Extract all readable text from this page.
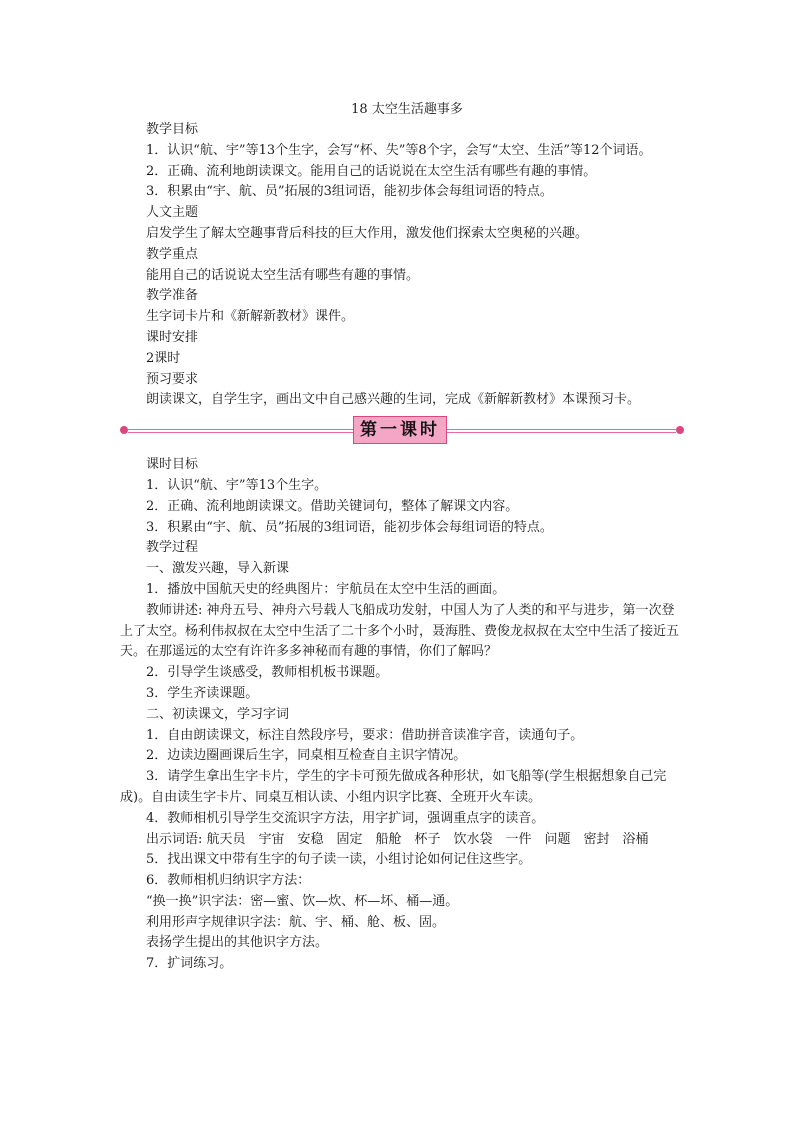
18 太空生活趣事多

教学目标

1．认识“航、宇”等13个生字，会写“杯、失”等8个字，会写“太空、生活”等12个词语。

2．正确、流利地朗读课文。能用自己的话说说在太空生活有哪些有趣的事情。

3．积累由“宇、航、员”拓展的3组词语，能初步体会每组词语的特点。

人文主题

启发学生了解太空趣事背后科技的巨大作用，激发他们探索太空奥秘的兴趣。

教学重点

能用自己的话说说太空生活有哪些有趣的事情。

教学准备

生字词卡片和《新解新教材》课件。

课时安排

2课时

预习要求

朗读课文，自学生字，画出文中自己感兴趣的生词，完成《新解新教材》本课预习卡。

第一课时

课时目标

1．认识“航、宇”等13个生字。

2．正确、流利地朗读课文。借助关键词句，整体了解课文内容。

3．积累由“宇、航、员”拓展的3组词语，能初步体会每组词语的特点。

教学过程

一、激发兴趣，导入新课

1．播放中国航天史的经典图片：宇航员在太空中生活的画面。

教师讲述: 神舟五号、神舟六号载人飞船成功发射，中国人为了人类的和平与进步，第一次登上了太空。杨利伟叔叔在太空中生活了二十多个小时，聂海胜、费俊龙叔叔在太空中生活了接近五天。在那遥远的太空有许许多多神秘而有趣的事情，你们了解吗？

2．引导学生谈感受，教师相机板书课题。

3．学生齐读课题。

二、初读课文，学习字词

1．自由朗读课文，标注自然段序号，要求：借助拼音读准字音，读通句子。

2．边读边圈画课后生字，同桌相互检查自主识字情况。

3．请学生拿出生字卡片，学生的字卡可预先做成各种形状，如飞船等(学生根据想象自己完成)。自由读生字卡片、同桌互相认读、小组内识字比赛、全班开火车读。

4．教师相机引导学生交流识字方法，用字扩词，强调重点字的读音。

出示词语: 航天员　宇宙　安稳　固定　船舱　杯子　饮水袋　一件　问题　密封　浴桶

5．找出课文中带有生字的句子读一读，小组讨论如何记住这些字。

6．教师相机归纳识字方法：

“换一换”识字法：密—蜜、饮—炊、杯—坏、桶—通。

利用形声字规律识字法：航、宇、桶、舱、板、固。

表扬学生提出的其他识字方法。

7．扩词练习。
